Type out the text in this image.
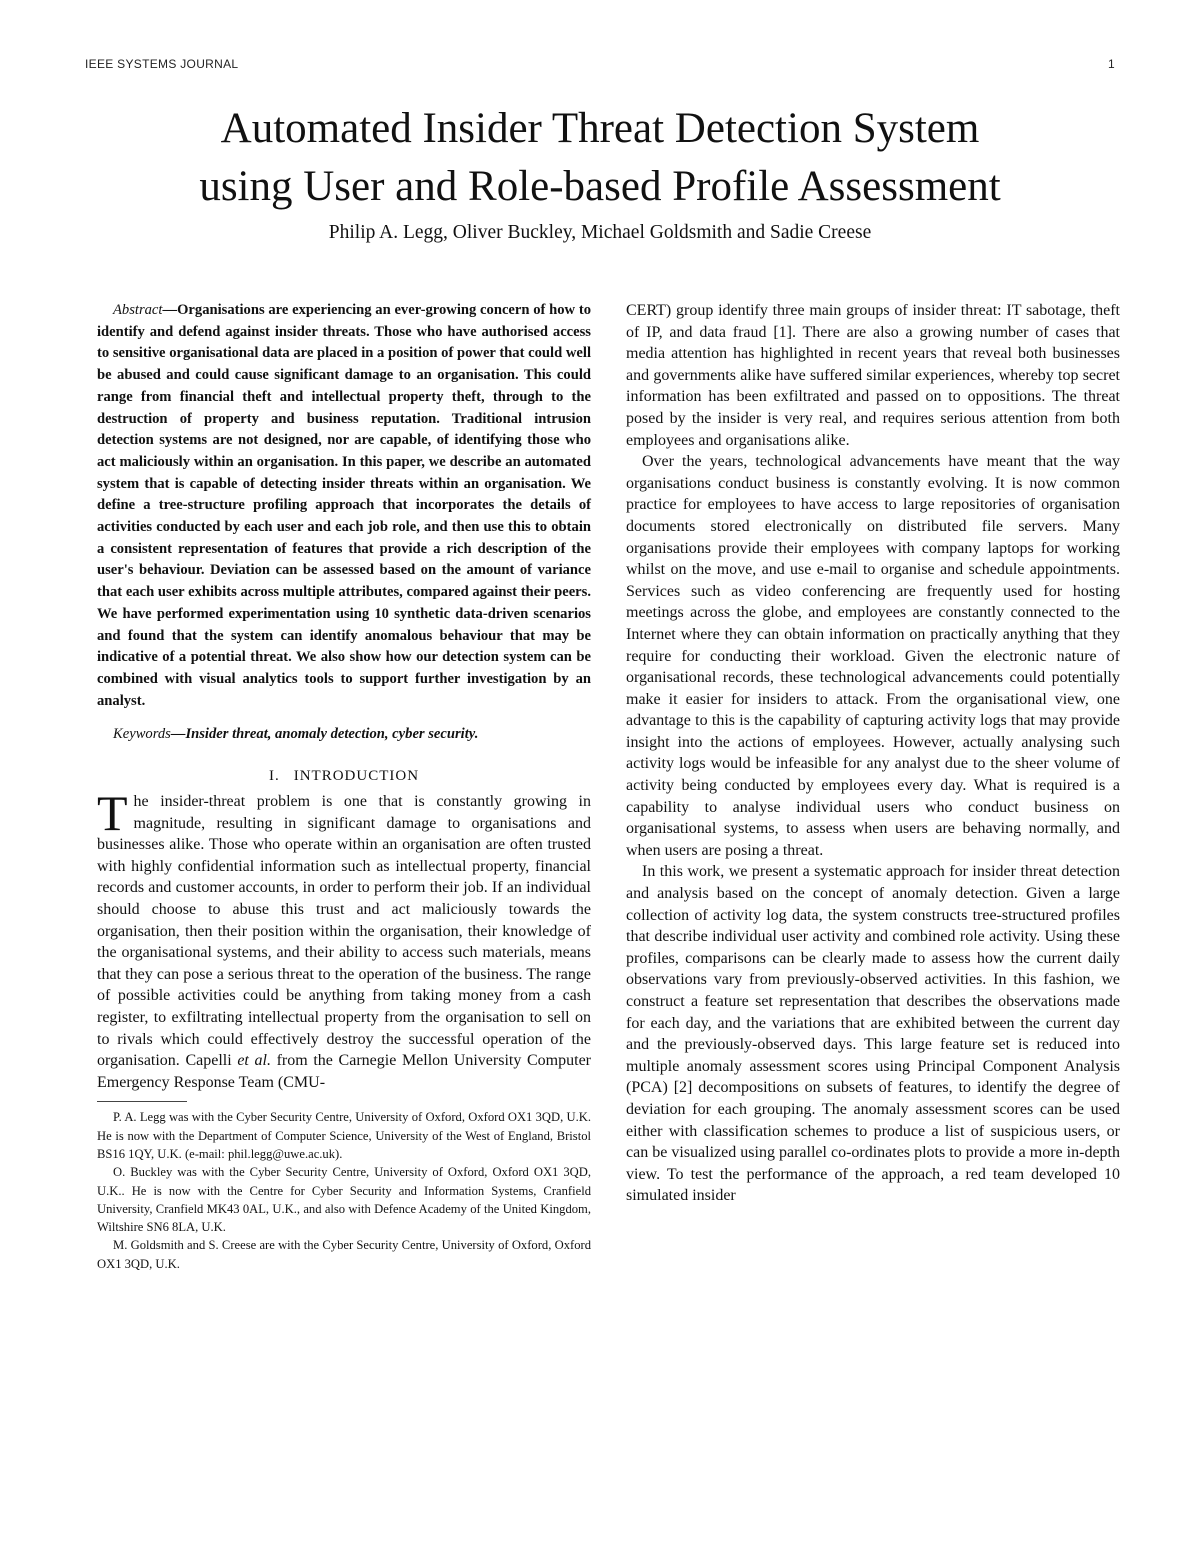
IEEE SYSTEMS JOURNAL	1
Automated Insider Threat Detection System
using User and Role-based Profile Assessment
Philip A. Legg, Oliver Buckley, Michael Goldsmith and Sadie Creese

Abstract—Organisations are experiencing an ever-growing concern of how to identify and defend against insider threats. Those who have authorised access to sensitive organisational data are placed in a position of power that could well be abused and could cause significant damage to an organisation. This could range from financial theft and intellectual property theft, through to the destruction of property and business reputation. Traditional intrusion detection systems are not designed, nor are capable, of identifying those who act maliciously within an organisation. In this paper, we describe an automated system that is capable of detecting insider threats within an organisation. We define a tree-structure profiling approach that incorporates the details of activities conducted by each user and each job role, and then use this to obtain a consistent representation of features that provide a rich description of the user's behaviour. Deviation can be assessed based on the amount of variance that each user exhibits across multiple attributes, compared against their peers. We have performed experimentation using 10 synthetic data-driven scenarios and found that the system can identify anomalous behaviour that may be indicative of a potential threat. We also show how our detection system can be combined with visual analytics tools to support further investigation by an analyst.

Keywords—Insider threat, anomaly detection, cyber security.

I. INTRODUCTION

The insider-threat problem is one that is constantly growing in magnitude, resulting in significant damage to organisations and businesses alike. Those who operate within an organisation are often trusted with highly confidential information such as intellectual property, financial records and customer accounts, in order to perform their job. If an individual should choose to abuse this trust and act maliciously towards the organisation, then their position within the organisation, their knowledge of the organisational systems, and their ability to access such materials, means that they can pose a serious threat to the operation of the business. The range of possible activities could be anything from taking money from a cash register, to exfiltrating intellectual property from the organisation to sell on to rivals which could effectively destroy the successful operation of the organisation. Capelli et al. from the Carnegie Mellon University Computer Emergency Response Team (CMU-

P. A. Legg was with the Cyber Security Centre, University of Oxford, Oxford OX1 3QD, U.K. He is now with the Department of Computer Science, University of the West of England, Bristol BS16 1QY, U.K. (e-mail: phil.legg@uwe.ac.uk).

O. Buckley was with the Cyber Security Centre, University of Oxford, Oxford OX1 3QD, U.K.. He is now with the Centre for Cyber Security and Information Systems, Cranfield University, Cranfield MK43 0AL, U.K., and also with Defence Academy of the United Kingdom, Wiltshire SN6 8LA, U.K.

M. Goldsmith and S. Creese are with the Cyber Security Centre, University of Oxford, Oxford OX1 3QD, U.K.

CERT) group identify three main groups of insider threat: IT sabotage, theft of IP, and data fraud [1]. There are also a growing number of cases that media attention has highlighted in recent years that reveal both businesses and governments alike have suffered similar experiences, whereby top secret information has been exfiltrated and passed on to oppositions. The threat posed by the insider is very real, and requires serious attention from both employees and organisations alike.

Over the years, technological advancements have meant that the way organisations conduct business is constantly evolving. It is now common practice for employees to have access to large repositories of organisation documents stored electronically on distributed file servers. Many organisations provide their employees with company laptops for working whilst on the move, and use e-mail to organise and schedule appointments. Services such as video conferencing are frequently used for hosting meetings across the globe, and employees are constantly connected to the Internet where they can obtain information on practically anything that they require for conducting their workload. Given the electronic nature of organisational records, these technological advancements could potentially make it easier for insiders to attack. From the organisational view, one advantage to this is the capability of capturing activity logs that may provide insight into the actions of employees. However, actually analysing such activity logs would be infeasible for any analyst due to the sheer volume of activity being conducted by employees every day. What is required is a capability to analyse individual users who conduct business on organisational systems, to assess when users are behaving normally, and when users are posing a threat.

In this work, we present a systematic approach for insider threat detection and analysis based on the concept of anomaly detection. Given a large collection of activity log data, the system constructs tree-structured profiles that describe individual user activity and combined role activity. Using these profiles, comparisons can be clearly made to assess how the current daily observations vary from previously-observed activities. In this fashion, we construct a feature set representation that describes the observations made for each day, and the variations that are exhibited between the current day and the previously-observed days. This large feature set is reduced into multiple anomaly assessment scores using Principal Component Analysis (PCA) [2] decompositions on subsets of features, to identify the degree of deviation for each grouping. The anomaly assessment scores can be used either with classification schemes to produce a list of suspicious users, or can be visualized using parallel co-ordinates plots to provide a more in-depth view. To test the performance of the approach, a red team developed 10 simulated insider
